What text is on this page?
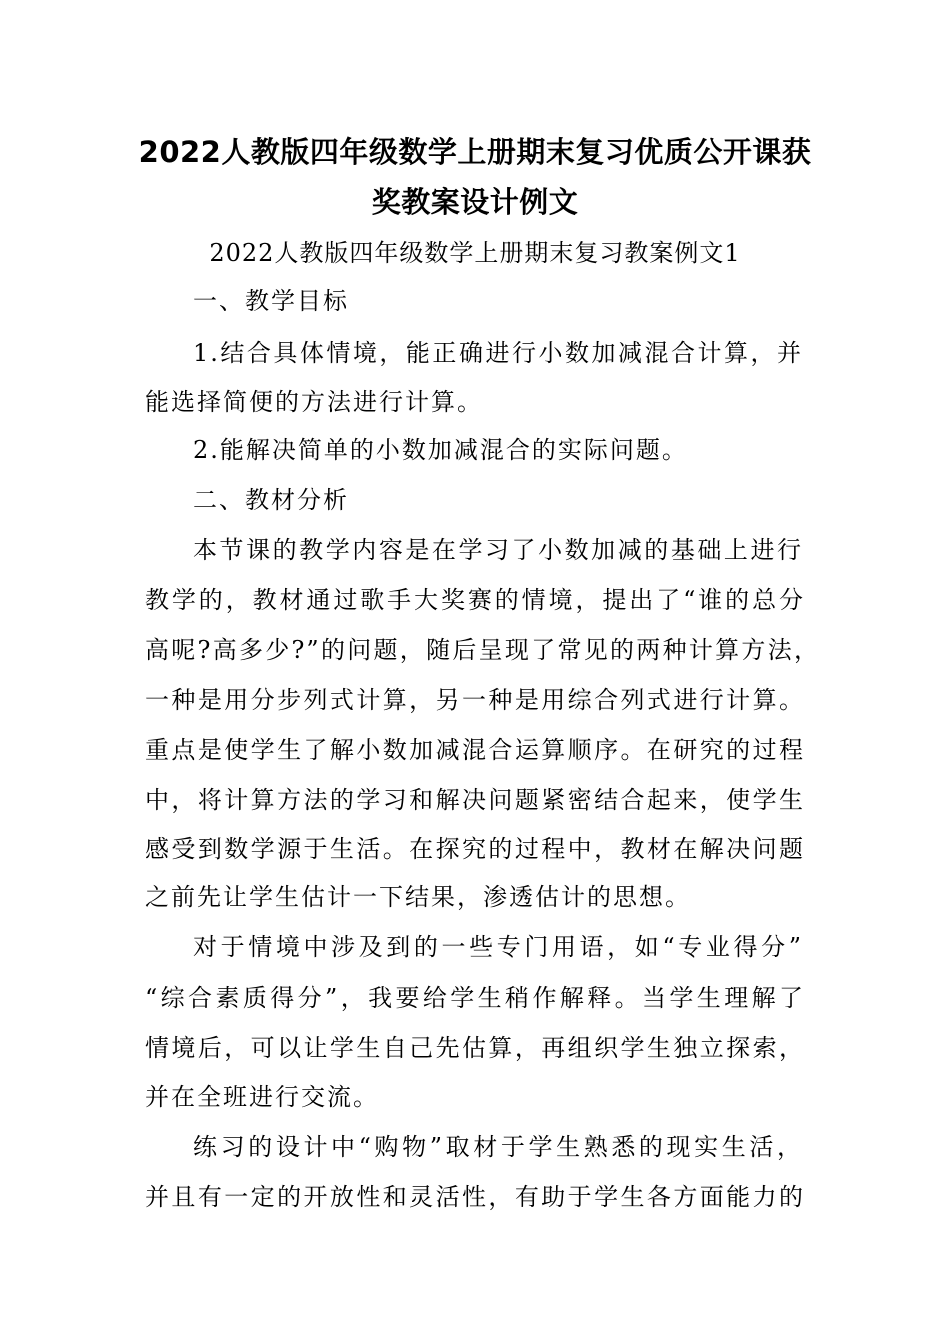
2022人教版四年级数学上册期末复习优质公开课获
奖教案设计例文

2022人教版四年级数学上册期末复习教案例文1

一、教学目标

1.结合具体情境，能正确进行小数加减混合计算，并

能选择简便的方法进行计算。

2.能解决简单的小数加减混合的实际问题。

二、教材分析

本节课的教学内容是在学习了小数加减的基础上进行

教学的，教材通过歌手大奖赛的情境，提出了“谁的总分

高呢?高多少?”的问题，随后呈现了常见的两种计算方法，

一种是用分步列式计算，另一种是用综合列式进行计算。

重点是使学生了解小数加减混合运算顺序。在研究的过程

中，将计算方法的学习和解决问题紧密结合起来，使学生

感受到数学源于生活。在探究的过程中，教材在解决问题

之前先让学生估计一下结果，渗透估计的思想。

对于情境中涉及到的一些专门用语，如“专业得分”

“综合素质得分”，我要给学生稍作解释。当学生理解了

情境后，可以让学生自己先估算，再组织学生独立探索，

并在全班进行交流。

练习的设计中“购物”取材于学生熟悉的现实生活，

并且有一定的开放性和灵活性，有助于学生各方面能力的
